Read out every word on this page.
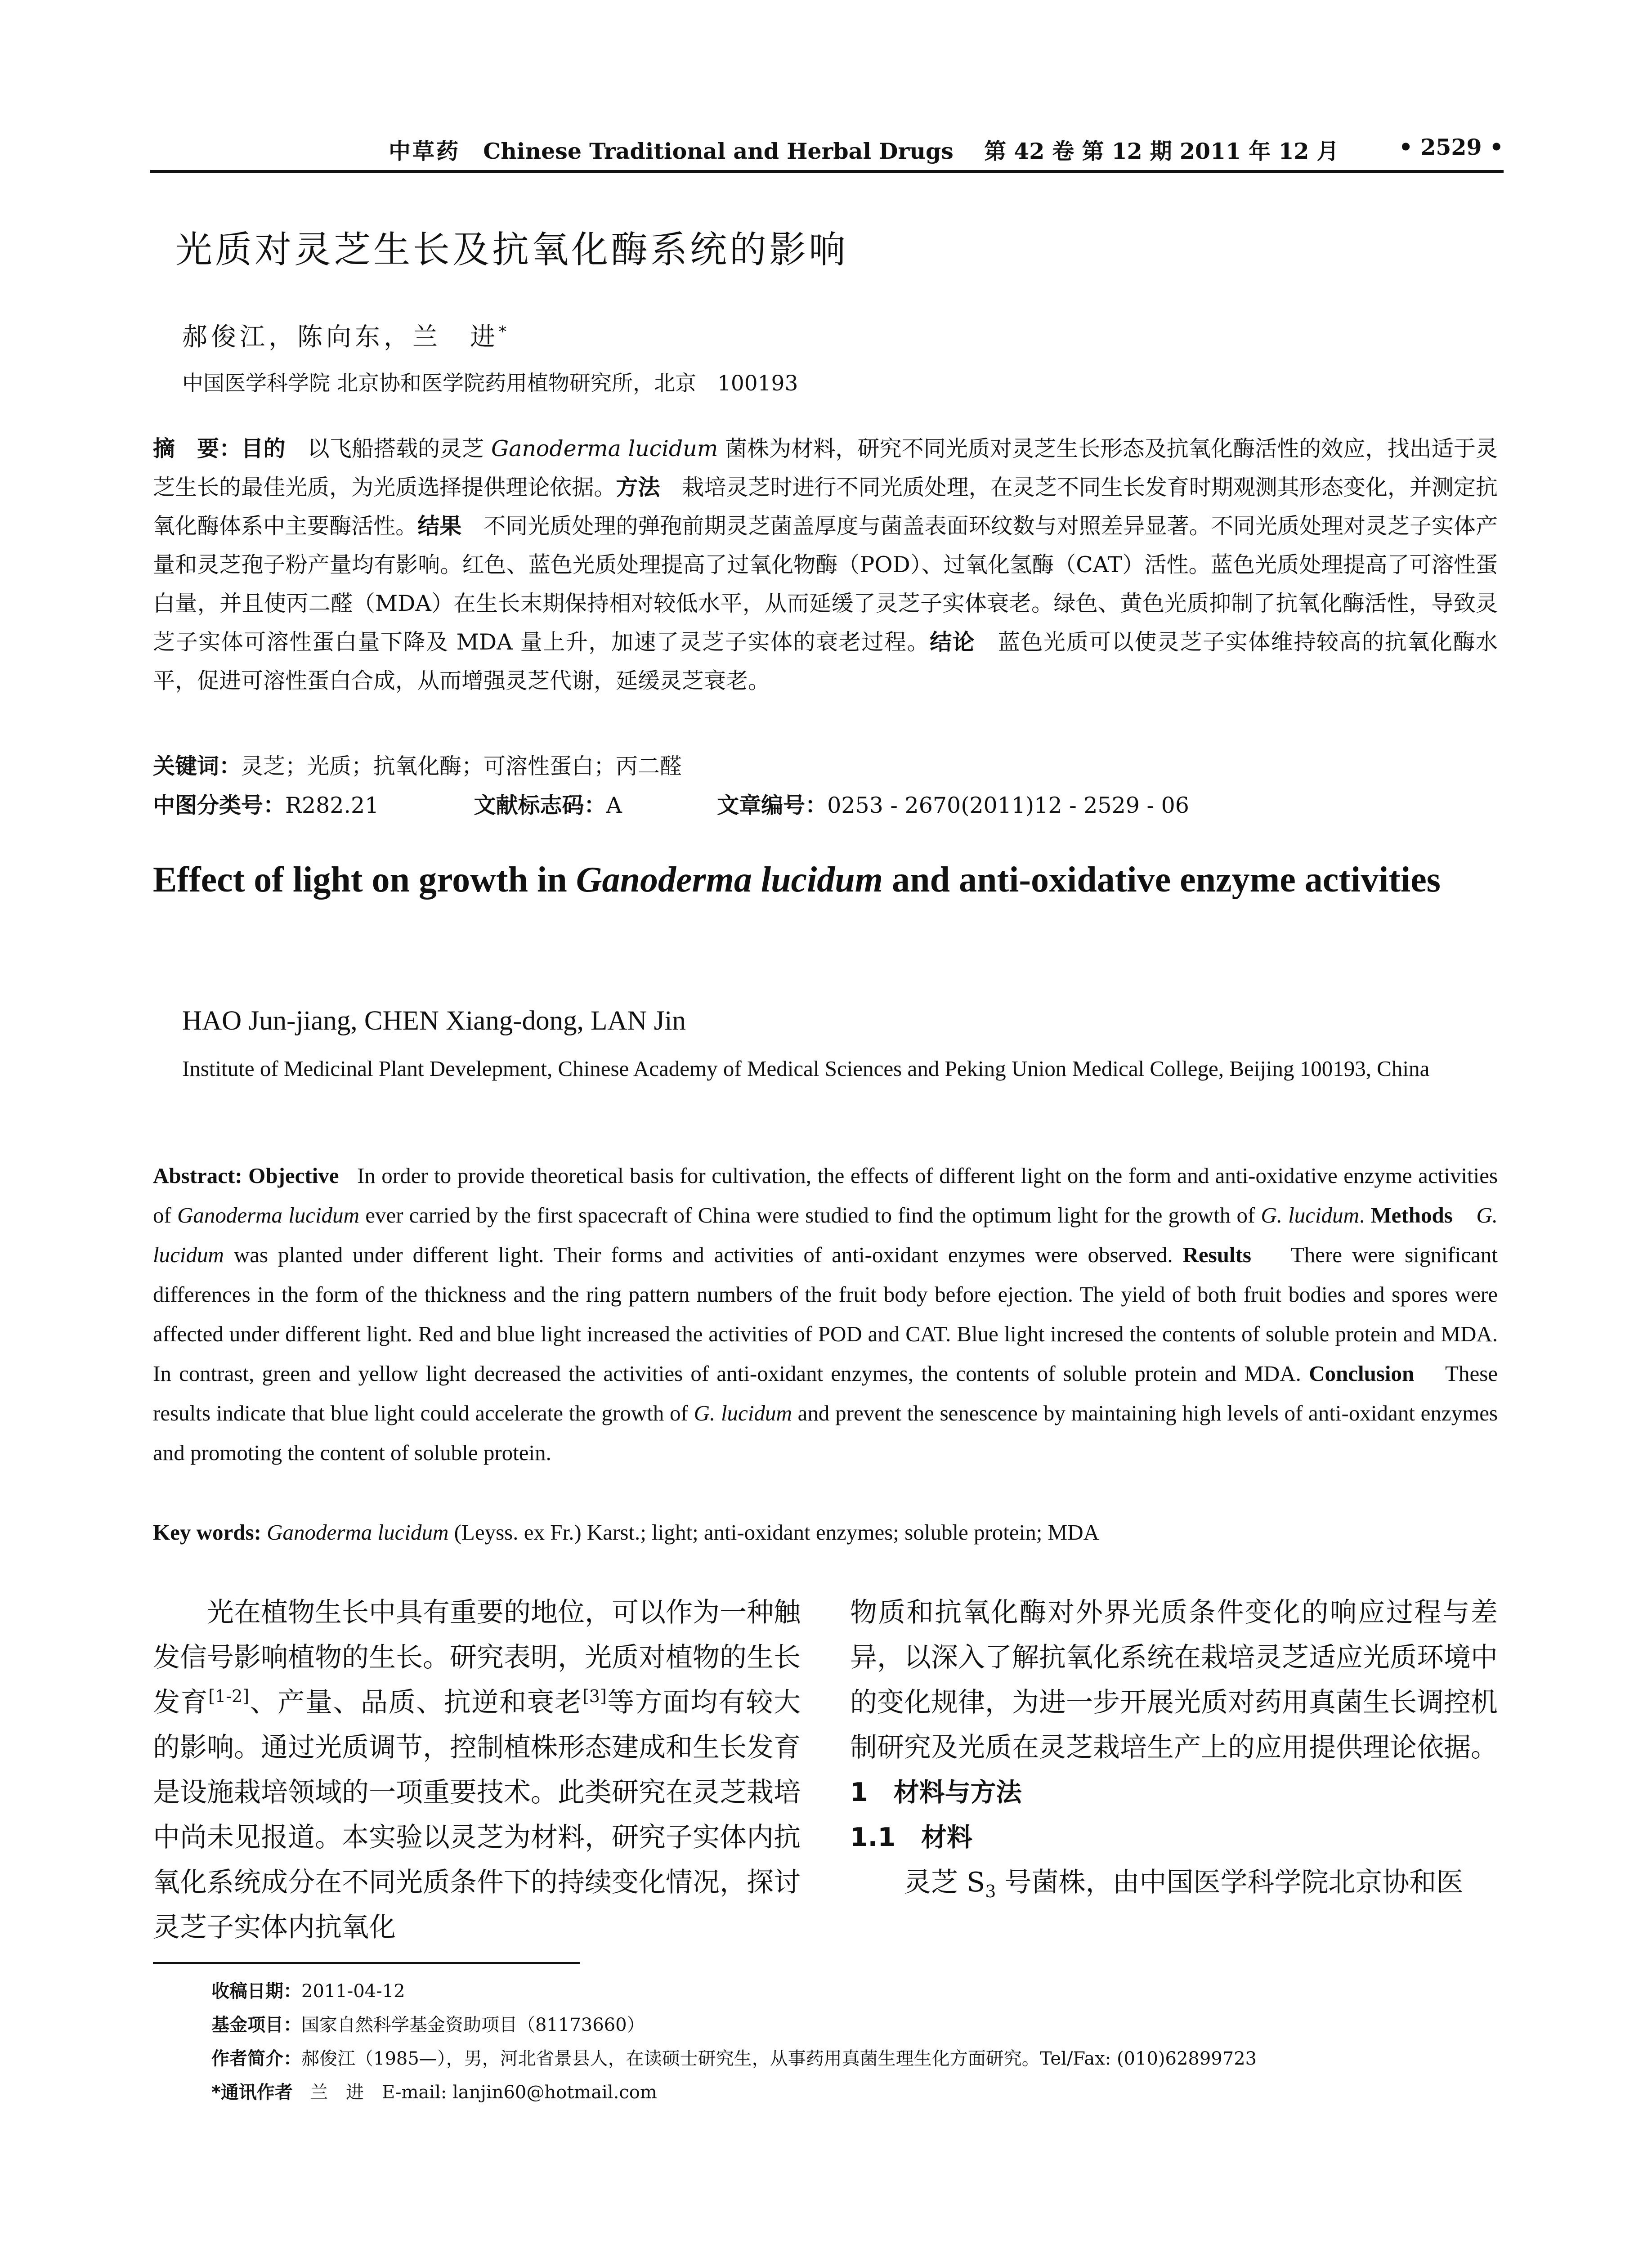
中草药 Chinese Traditional and Herbal Drugs 第 42 卷 第 12 期 2011 年 12 月	• 2529 •
光质对灵芝生长及抗氧化酶系统的影响
郝俊江，陈向东，兰　进*
中国医学科学院 北京协和医学院药用植物研究所，北京　100193
摘　要：目的　 以飞船搭载的灵芝 Ganoderma lucidum 菌株为材料，研究不同光质对灵芝生长形态及抗氧化酶活性的效应，找出适于灵芝生长的最佳光质，为光质选择提供理论依据。方法　 栽培灵芝时进行不同光质处理，在灵芝不同生长发育时期观测其形态变化，并测定抗氧化酶体系中主要酶活性。结果　 不同光质处理的弹孢前期灵芝菌盖厚度与菌盖表面环纹数与对照差异显著。不同光质处理对灵芝子实体产量和灵芝孢子粉产量均有影响。红色、蓝色光质处理提高了过氧化物酶（POD）、过氧化氢酶（CAT）活性。蓝色光质处理提高了可溶性蛋白量，并且使丙二醛（MDA）在生长末期保持相对较低水平，从而延缓了灵芝子实体衰老。绿色、黄色光质抑制了抗氧化酶活性，导致灵芝子实体可溶性蛋白量下降及 MDA 量上升，加速了灵芝子实体的衰老过程。结论　 蓝色光质可以使灵芝子实体维持较高的抗氧化酶水平，促进可溶性蛋白合成，从而增强灵芝代谢，延缓灵芝衰老。
关键词：灵芝；光质；抗氧化酶；可溶性蛋白；丙二醛
中图分类号：R282.21	文献标志码：A	文章编号：0253 - 2670(2011)12 - 2529 - 06
Effect of light on growth in Ganoderma lucidum and anti-oxidative enzyme activities
HAO Jun-jiang, CHEN Xiang-dong, LAN Jin
Institute of Medicinal Plant Develepment, Chinese Academy of Medical Sciences and Peking Union Medical College, Beijing 100193, China
Abstract: Objective In order to provide theoretical basis for cultivation, the effects of different light on the form and anti-oxidative enzyme activities of Ganoderma lucidum ever carried by the first spacecraft of China were studied to find the optimum light for the growth of G. lucidum. Methods G. lucidum was planted under different light. Their forms and activities of anti-oxidant enzymes were observed. Results There were significant differences in the form of the thickness and the ring pattern numbers of the fruit body before ejection. The yield of both fruit bodies and spores were affected under different light. Red and blue light increased the activities of POD and CAT. Blue light incresed the contents of soluble protein and MDA. In contrast, green and yellow light decreased the activities of anti-oxidant enzymes, the contents of soluble protein and MDA. Conclusion These results indicate that blue light could accelerate the growth of G. lucidum and prevent the senescence by maintaining high levels of anti-oxidant enzymes and promoting the content of soluble protein.
Key words: Ganoderma lucidum (Leyss. ex Fr.) Karst.; light; anti-oxidant enzymes; soluble protein; MDA
光在植物生长中具有重要的地位，可以作为一种触发信号影响植物的生长。研究表明，光质对植物的生长发育[1-2]、产量、品质、抗逆和衰老[3]等方面均有较大的影响。通过光质调节，控制植株形态建成和生长发育是设施栽培领域的一项重要技术。此类研究在灵芝栽培中尚未见报道。本实验以灵芝为材料，研究子实体内抗氧化系统成分在不同光质条件下的持续变化情况，探讨灵芝子实体内抗氧化
物质和抗氧化酶对外界光质条件变化的响应过程与差异，以深入了解抗氧化系统在栽培灵芝适应光质环境中的变化规律，为进一步开展光质对药用真菌生长调控机制研究及光质在灵芝栽培生产上的应用提供理论依据。
1　材料与方法
1.1　材料
灵芝 $S_3$ 号菌株，由中国医学科学院北京协和医
收稿日期：2011-04-12
基金项目：国家自然科学基金资助项目（81173660）
作者简介：郝俊江（1985—），男，河北省景县人，在读硕士研究生，从事药用真菌生理生化方面研究。Tel/Fax: (010)62899723
*通讯作者 兰　进　E-mail: lanjin60@hotmail.com
